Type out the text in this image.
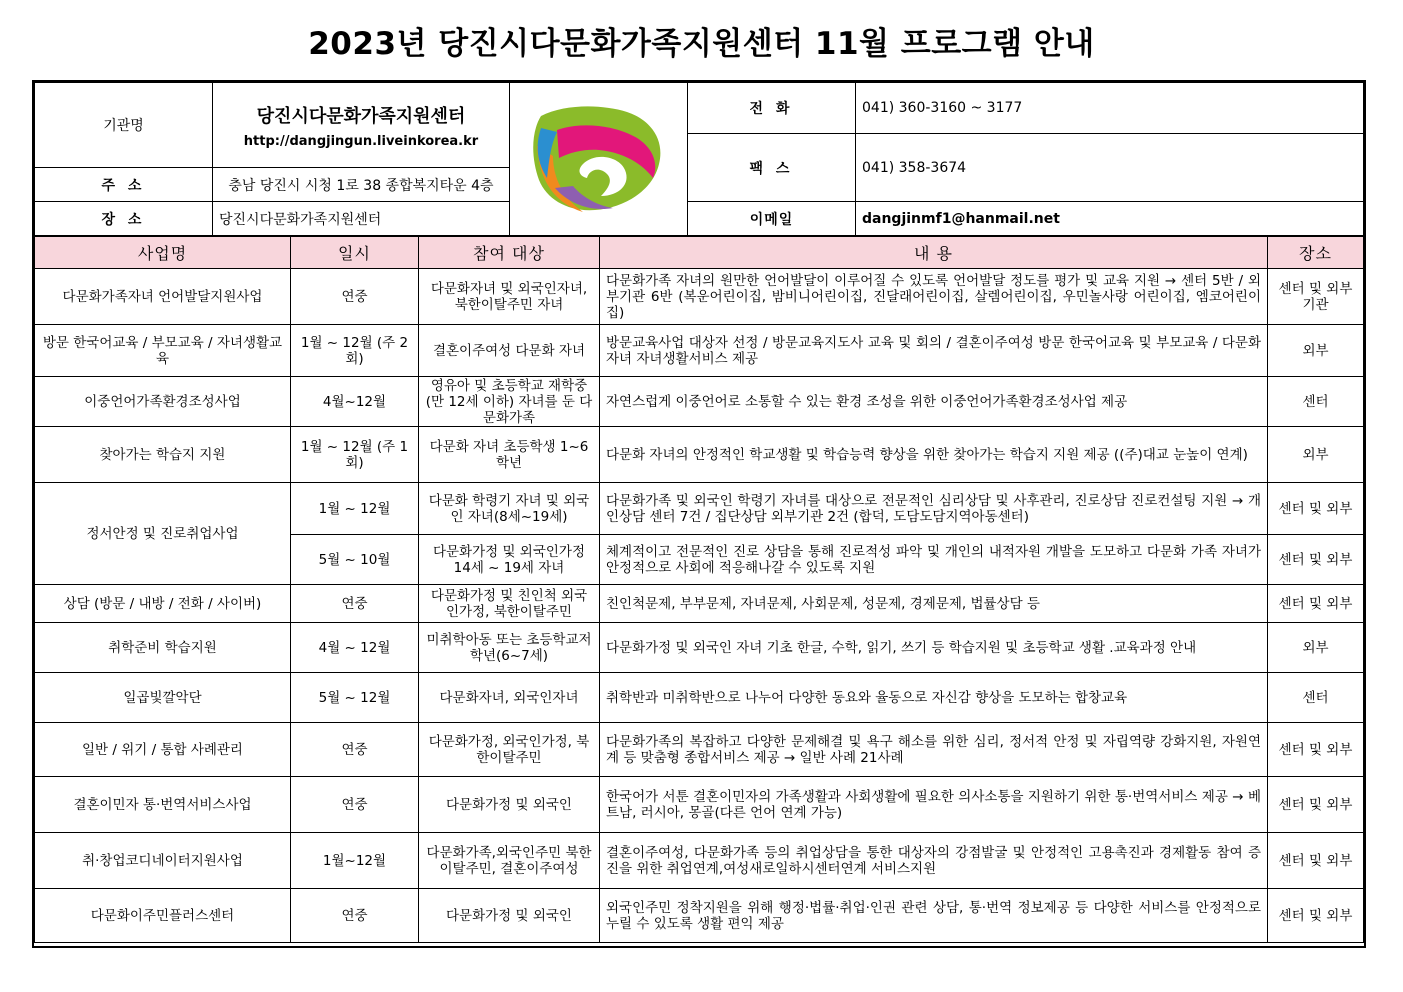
2023년 당진시다문화가족지원센터 11월 프로그램 안내
기관명	당진시다문화가족지원센터
http://dangjingun.liveinkorea.kr		전 화	041) 360-3160 ~ 3177
			팩 스	041) 358-3674
주 소	충남 당진시 시청 1로 38 종합복지타운 4층			
장 소	당진시다문화가족지원센터		이메일	dangjinmf1@hanmail.net
사업명	일시	참여 대상	내 용	장소
다문화가족자녀 언어발달지원사업	연중	다문화자녀 및 외국인자녀, 북한이탈주민 자녀	다문화가족 자녀의 원만한 언어발달이 이루어질 수 있도록 언어발달 정도를 평가 및 교육 지원 → 센터 5반 / 외부기관 6반 (복운어린이집, 밤비니어린이집, 진달래어린이집, 살렘어린이집, 우민놀사랑 어린이집, 엠코어린이집)	센터 및 외부기관
방문 한국어교육 / 부모교육 / 자녀생활교육	1월 ~ 12월 (주 2회)	결혼이주여성 다문화 자녀	방문교육사업 대상자 선정 / 방문교육지도사 교육 및 회의 / 결혼이주여성 방문 한국어교육 및 부모교육 / 다문화 자녀 자녀생활서비스 제공	외부
이중언어가족환경조성사업	4월~12월	영유아 및 초등학교 재학중(만 12세 이하) 자녀를 둔 다문화가족	자연스럽게 이중언어로 소통할 수 있는 환경 조성을 위한 이중언어가족환경조성사업 제공	센터
찾아가는 학습지 지원	1월 ~ 12월 (주 1회)	다문화 자녀 초등학생 1~6학년	다문화 자녀의 안정적인 학교생활 및 학습능력 향상을 위한 찾아가는 학습지 지원 제공 ((주)대교 눈높이 연계)	외부
정서안정 및 진로취업사업	1월 ~ 12월	다문화 학령기 자녀 및 외국인 자녀(8세~19세)	다문화가족 및 외국인 학령기 자녀를 대상으로 전문적인 심리상담 및 사후관리, 진로상담 진로컨설팅 지원 → 개인상담 센터 7건 / 집단상담 외부기관 2건 (합덕, 도담도담지역아동센터)	센터 및 외부
	5월 ~ 10월	다문화가정 및 외국인가정 14세 ~ 19세 자녀	체계적이고 전문적인 진로 상담을 통해 진로적성 파악 및 개인의 내적자원 개발을 도모하고 다문화 가족 자녀가 안정적으로 사회에 적응해나갈 수 있도록 지원	센터 및 외부
상담 (방문 / 내방 / 전화 / 사이버)	연중	다문화가정 및 친인척 외국인가정, 북한이탈주민	친인척문제, 부부문제, 자녀문제, 사회문제, 성문제, 경제문제, 법률상담 등	센터 및 외부
취학준비 학습지원	4월 ~ 12월	미취학아동 또는 초등학교저학년(6~7세)	다문화가정 및 외국인 자녀 기초 한글, 수학, 읽기, 쓰기 등 학습지원 및 초등학교 생활 .교육과정 안내	외부
일곱빛깔악단	5월 ~ 12월	다문화자녀, 외국인자녀	취학반과 미취학반으로 나누어 다양한 동요와 율동으로 자신감 향상을 도모하는 합창교육	센터
일반 / 위기 / 통합 사례관리	연중	다문화가정, 외국인가정, 북한이탈주민	다문화가족의 복잡하고 다양한 문제해결 및 욕구 해소를 위한 심리, 정서적 안정 및 자립역량 강화지원, 자원연계 등 맞춤형 종합서비스 제공 → 일반 사례 21사례	센터 및 외부
결혼이민자 통·번역서비스사업	연중	다문화가정 및 외국인	한국어가 서툰 결혼이민자의 가족생활과 사회생활에 필요한 의사소통을 지원하기 위한 통·번역서비스 제공 → 베트남, 러시아, 몽골(다른 언어 연계 가능)	센터 및 외부
취·창업코디네이터지원사업	1월~12월	다문화가족,외국인주민 북한이탈주민, 결혼이주여성	결혼이주여성, 다문화가족 등의 취업상담을 통한 대상자의 강점발굴 및 안정적인 고용촉진과 경제활동 참여 증진을 위한 취업연계,여성새로일하시센터연계 서비스지원	센터 및 외부
다문화이주민플러스센터	연중	다문화가정 및 외국인	외국인주민 정착지원을 위해 행정·법률·취업·인권 관련 상담, 통·번역 정보제공 등 다양한 서비스를 안정적으로 누릴 수 있도록 생활 편익 제공	센터 및 외부
